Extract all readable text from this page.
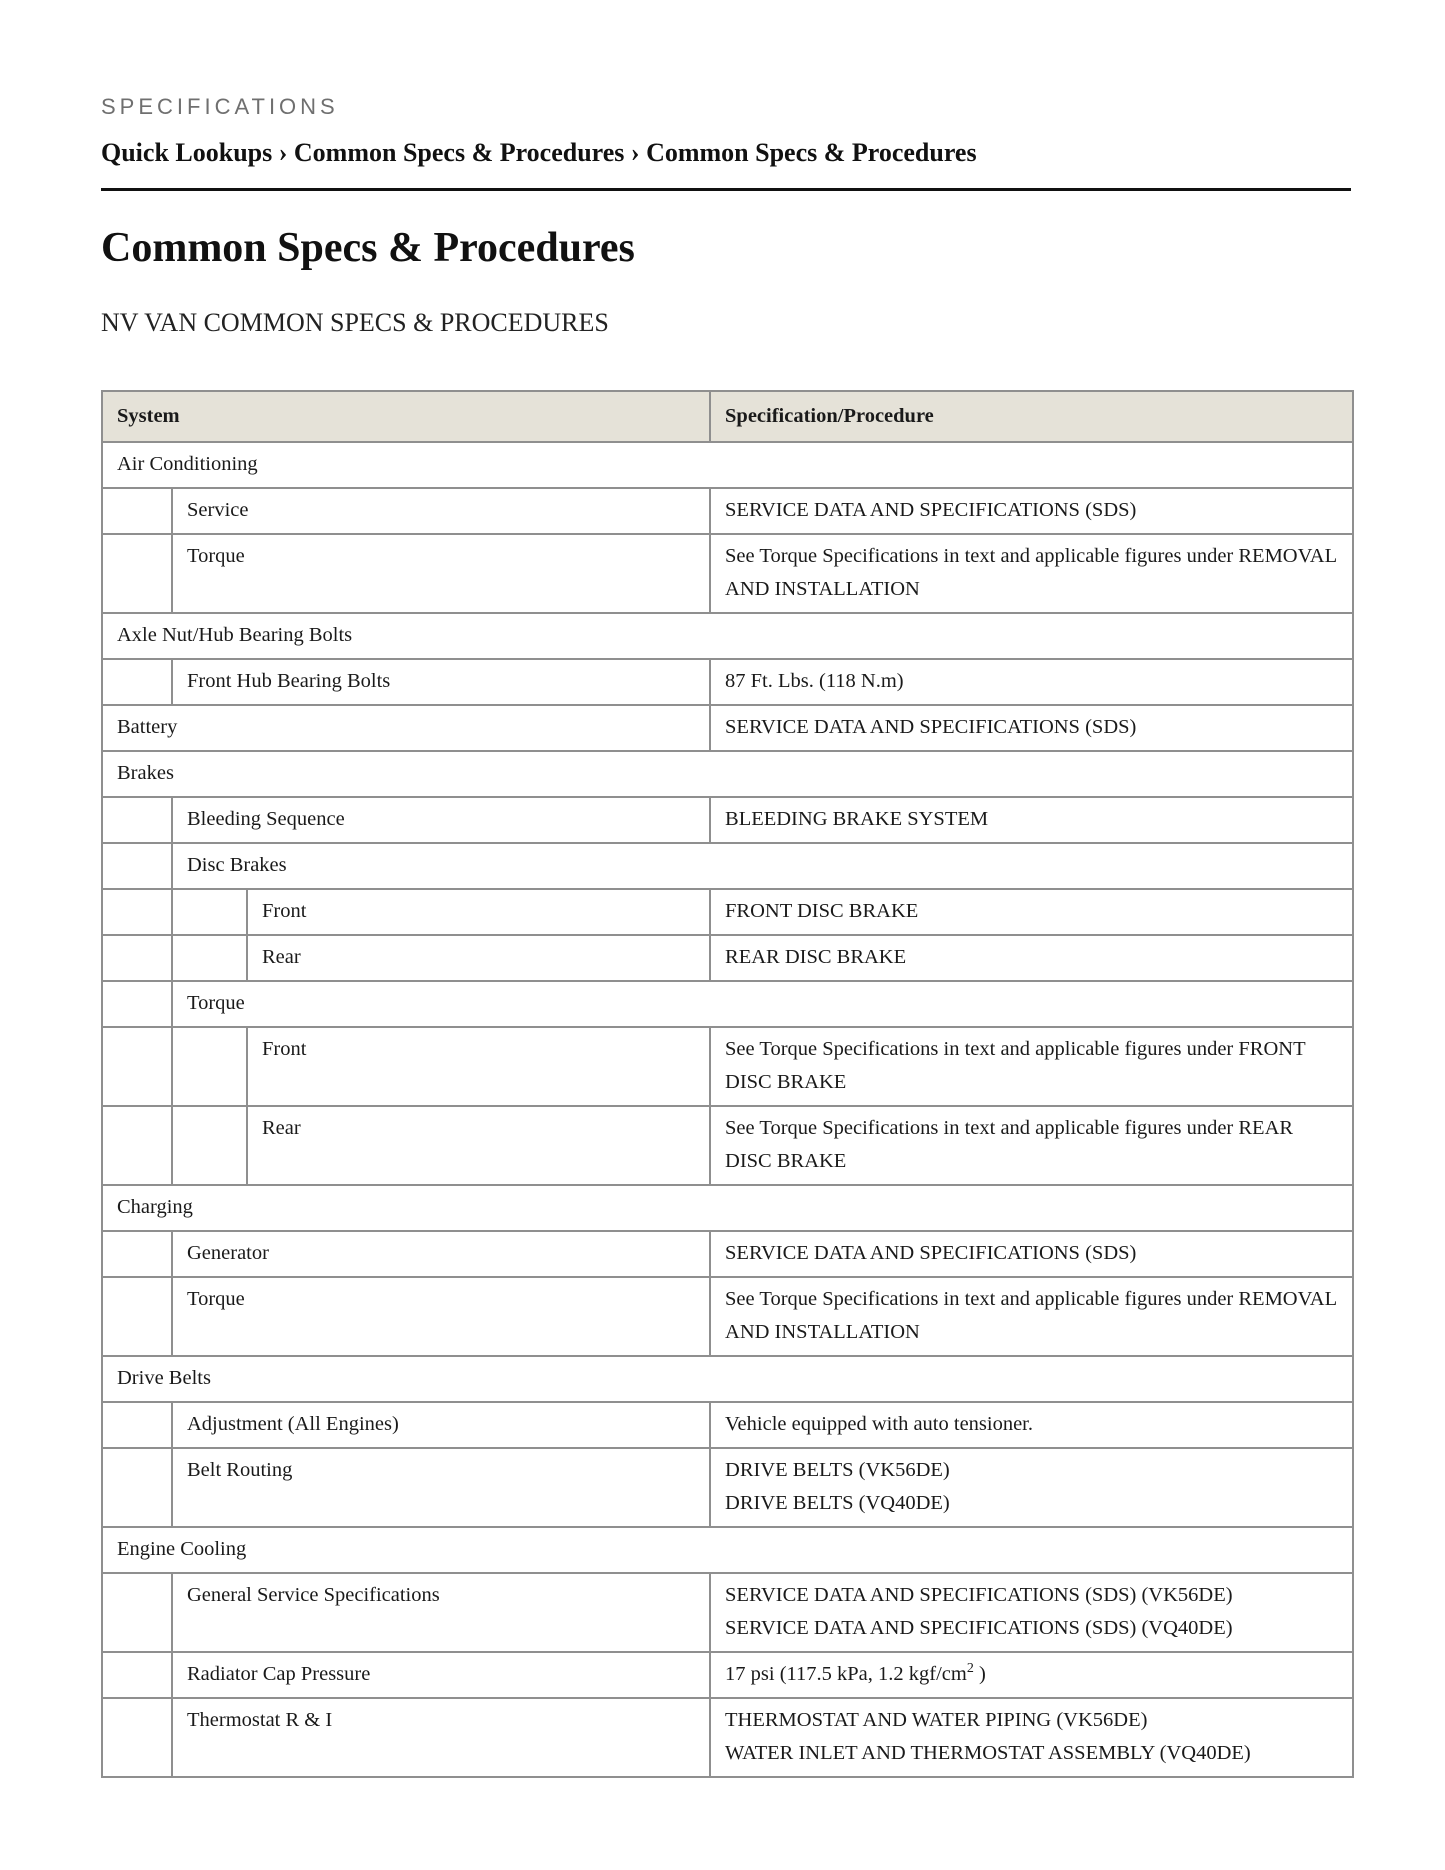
SPECIFICATIONS
Quick Lookups › Common Specs & Procedures › Common Specs & Procedures
Common Specs & Procedures
NV VAN COMMON SPECS & PROCEDURES
System			Specification/Procedure
Air Conditioning			
	Service		SERVICE DATA AND SPECIFICATIONS (SDS)

	Torque		See Torque Specifications in text and applicable figures under REMOVAL AND INSTALLATION

Axle Nut/Hub Bearing Bolts			
	Front Hub Bearing Bolts		87 Ft. Lbs. (118 N.m)

Battery			SERVICE DATA AND SPECIFICATIONS (SDS)

Brakes			
	Bleeding Sequence		BLEEDING BRAKE SYSTEM

	Disc Brakes		
		Front	FRONT DISC BRAKE

		Rear	REAR DISC BRAKE

	Torque		
		Front	See Torque Specifications in text and applicable figures under FRONT DISC BRAKE

		Rear	See Torque Specifications in text and applicable figures under REAR DISC BRAKE

Charging			
	Generator		SERVICE DATA AND SPECIFICATIONS (SDS)

	Torque		See Torque Specifications in text and applicable figures under REMOVAL AND INSTALLATION

Drive Belts			
	Adjustment (All Engines)		Vehicle equipped with auto tensioner.

	Belt Routing		DRIVE BELTS (VK56DE)
DRIVE BELTS (VQ40DE)

Engine Cooling			
	General Service Specifications		SERVICE DATA AND SPECIFICATIONS (SDS) (VK56DE)
SERVICE DATA AND SPECIFICATIONS (SDS) (VQ40DE)

	Radiator Cap Pressure		17 psi (117.5 kPa, 1.2 kgf/$cm^2$ )

	Thermostat R & I		THERMOSTAT AND WATER PIPING (VK56DE)
WATER INLET AND THERMOSTAT ASSEMBLY (VQ40DE)
